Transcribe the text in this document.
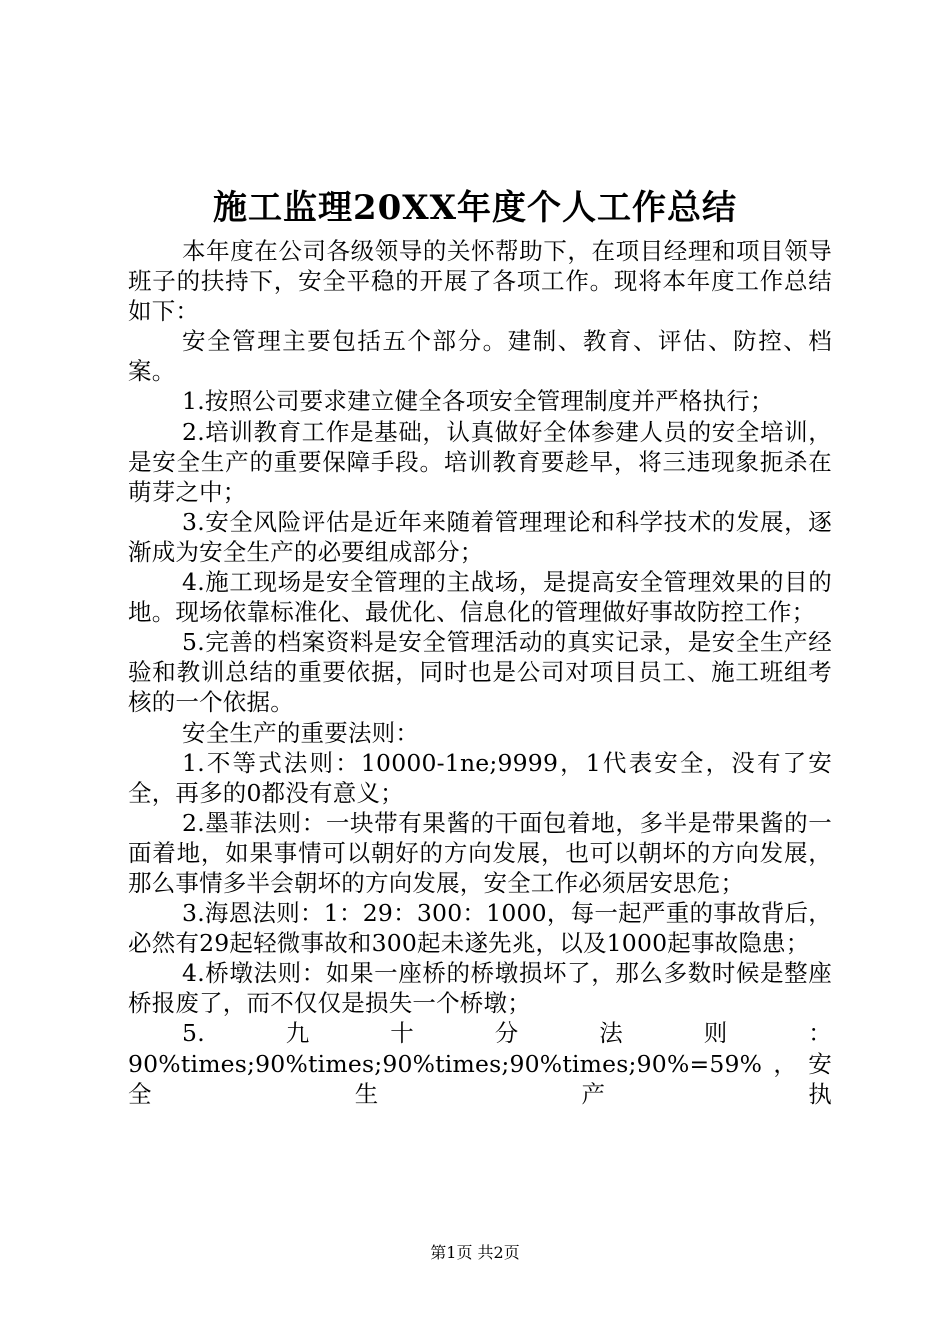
施工监理20XX年度个人工作总结

本年度在公司各级领导的关怀帮助下，在项目经理和项目领导班子的扶持下，安全平稳的开展了各项工作。现将本年度工作总结如下：

安全管理主要包括五个部分。建制、教育、评估、防控、档案。

1.按照公司要求建立健全各项安全管理制度并严格执行；

2.培训教育工作是基础，认真做好全体参建人员的安全培训，是安全生产的重要保障手段。培训教育要趁早，将三违现象扼杀在萌芽之中；

3.安全风险评估是近年来随着管理理论和科学技术的发展，逐渐成为安全生产的必要组成部分；

4.施工现场是安全管理的主战场，是提高安全管理效果的目的地。现场依靠标准化、最优化、信息化的管理做好事故防控工作；

5.完善的档案资料是安全管理活动的真实记录，是安全生产经验和教训总结的重要依据，同时也是公司对项目员工、施工班组考核的一个依据。

安全生产的重要法则：

1.不等式法则：10000-1ne;9999，1代表安全，没有了安全，再多的0都没有意义；

2.墨菲法则：一块带有果酱的干面包着地，多半是带果酱的一面着地，如果事情可以朝好的方向发展，也可以朝坏的方向发展，那么事情多半会朝坏的方向发展，安全工作必须居安思危；

3.海恩法则：1：29：300：1000，每一起严重的事故背后，必然有29起轻微事故和300起未遂先兆，以及1000起事故隐患；

4.桥墩法则：如果一座桥的桥墩损坏了，那么多数时候是整座桥报废了，而不仅仅是损失一个桥墩；

5.九十分法则：90%times;90%times;90%times;90%times;90%=59%，安全生产执

第1页 共2页
